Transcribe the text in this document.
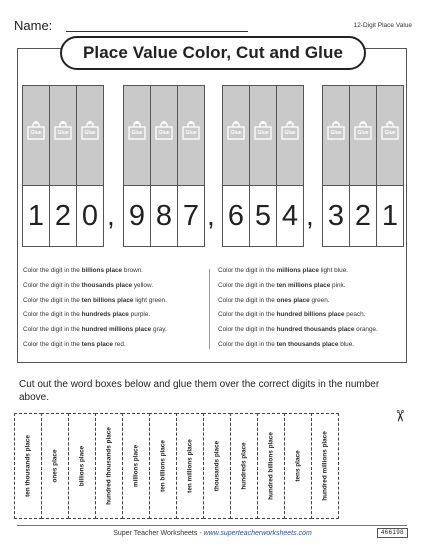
Name:	12-Digit Place Value
Place Value Color, Cut and Glue
Glue
1
Glue
2
Glue
0
Glue
9
Glue
8
Glue
7
Glue
6
Glue
5
Glue
4
Glue
3
Glue
2
Glue
1
,	,	,
Color the digit in the billions place brown.
Color the digit in the thousands place yellow.
Color the digit in the ten billions place light green.
Color the digit in the hundreds place purple.
Color the digit in the hundred millions place gray.
Color the digit in the tens place red.
Color the digit in the millions place light blue.
Color the digit in the ten millions place pink.
Color the digit in the ones place green.
Color the digit in the hundred billions place peach.
Color the digit in the hundred thousands place orange.
Color the digit in the ten thousands place blue.
Cut out the word boxes below and glue them over the correct digits in the number above.
ten thousands place	ones place	billions place	hundred thousands place	millions place	ten billions place	ten millions place	thousands place	hundreds place	hundred billions place	tens place	hundred millions place
✂
Super Teacher Worksheets - www.superteacherworksheets.com	466198
